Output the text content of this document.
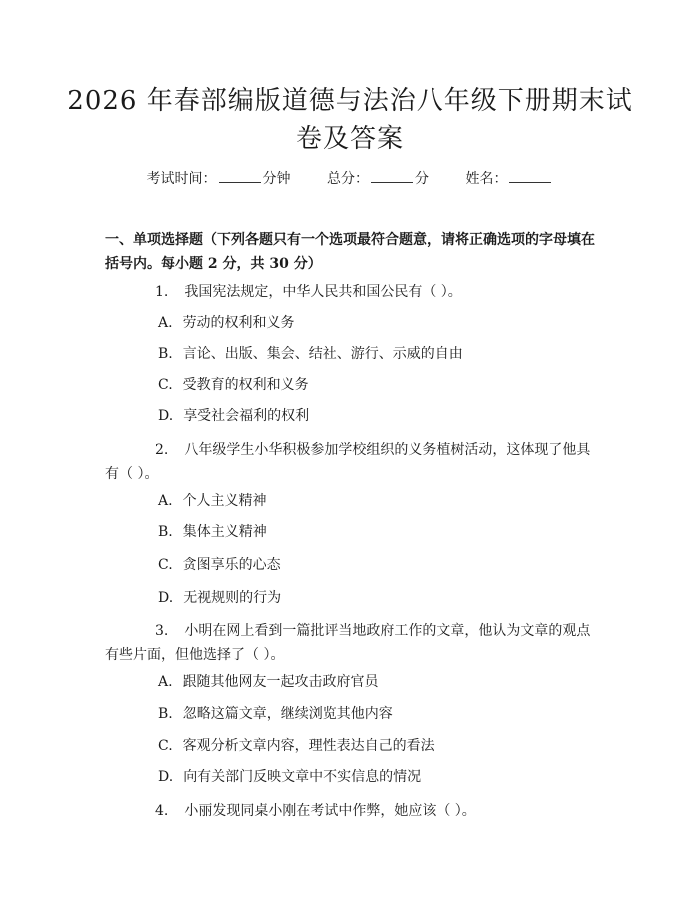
2026 年春部编版道德与法治八年级下册期末试卷及答案
考试时间：	分钟	总分：	分	姓名：
一、单项选择题（下列各题只有一个选项最符合题意，请将正确选项的字母填在括号内。每小题 2 分，共 30 分）
1. 我国宪法规定，中华人民共和国公民有（ ）。
A. 劳动的权利和义务
B. 言论、出版、集会、结社、游行、示威的自由
C. 受教育的权利和义务
D. 享受社会福利的权利
2. 八年级学生小华积极参加学校组织的义务植树活动，这体现了他具有（ ）。
A. 个人主义精神
B. 集体主义精神
C. 贪图享乐的心态
D. 无视规则的行为
3. 小明在网上看到一篇批评当地政府工作的文章，他认为文章的观点有些片面，但他选择了（ ）。
A. 跟随其他网友一起攻击政府官员
B. 忽略这篇文章，继续浏览其他内容
C. 客观分析文章内容，理性表达自己的看法
D. 向有关部门反映文章中不实信息的情况
4. 小丽发现同桌小刚在考试中作弊，她应该（ ）。
